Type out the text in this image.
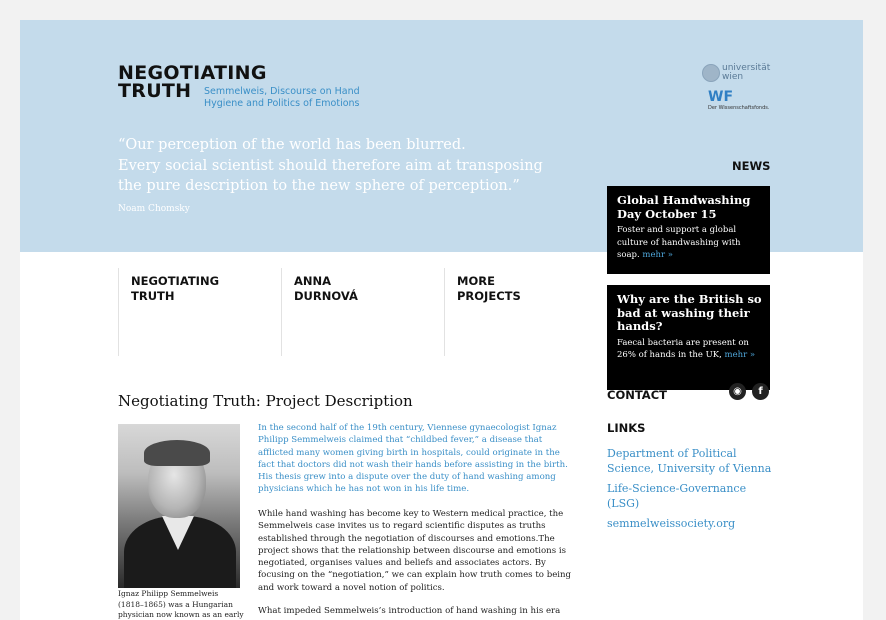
NEGOTIATING
TRUTH	Semmelweis, Discourse on Hand
Hygiene and Politics of Emotions
universität
wien
WF
Der Wissenschaftsfonds.
“Our perception of the world has been blurred.
Every social scientist should therefore aim at transposing
the pure description to the new sphere of perception.”
Noam Chomsky
NEWS
Global Handwashing
Day October 15
Foster and support a global
culture of handwashing with
soap. mehr »
Why are the British so
bad at washing their
hands?
Faecal bacteria are present on
26% of hands in the UK, mehr »
NEGOTIATING
TRUTH
ANNA
DURNOVÁ
MORE
PROJECTS
Negotiating Truth: Project Description
Ignaz Philipp Semmelweis
(1818–1865) was a Hungarian
physician now known as an early
In the second half of the 19th century, Viennese gynaecologist Ignaz
Philipp Semmelweis claimed that “childbed fever,” a disease that
afflicted many women giving birth in hospitals, could originate in the
fact that doctors did not wash their hands before assisting in the birth.
His thesis grew into a dispute over the duty of hand washing among
physicians which he has not won in his life time.
While hand washing has become key to Western medical practice, the
Semmelweis case invites us to regard scientific disputes as truths
established through the negotiation of discourses and emotions.The
project shows that the relationship between discourse and emotions is
negotiated, organises values and beliefs and associates actors. By
focusing on the “negotiation,” we can explain how truth comes to being
and work toward a novel notion of politics.
What impeded Semmelweis’s introduction of hand washing in his era
CONTACT	◉	f
LINKS
Department of Political
Science, University of Vienna
Life-Science-Governance
(LSG)
semmelweissociety.org
